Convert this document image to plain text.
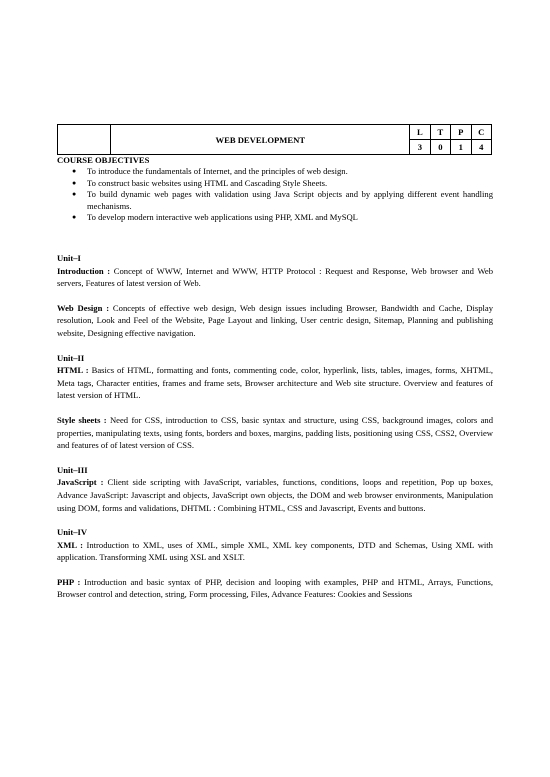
	WEB DEVELOPMENT	L	T	P	C
		3	0	1	4
COURSE OBJECTIVES
● To introduce the fundamentals of Internet, and the principles of web design.
● To construct basic websites using HTML and Cascading Style Sheets.
● To build dynamic web pages with validation using Java Script objects and by applying different event handling mechanisms.
● To develop modern interactive web applications using PHP, XML and MySQL
Unit–I

Introduction : Concept of WWW, Internet and WWW, HTTP Protocol : Request and Response, Web browser and Web servers, Features of latest version of Web.

Web Design : Concepts of effective web design, Web design issues including Browser, Bandwidth and Cache, Display resolution, Look and Feel of the Website, Page Layout and linking, User centric design, Sitemap, Planning and publishing website, Designing effective navigation.

Unit–II

HTML : Basics of HTML, formatting and fonts, commenting code, color, hyperlink, lists, tables, images, forms, XHTML, Meta tags, Character entities, frames and frame sets, Browser architecture and Web site structure. Overview and features of latest version of HTML.

Style sheets : Need for CSS, introduction to CSS, basic syntax and structure, using CSS, background images, colors and properties, manipulating texts, using fonts, borders and boxes, margins, padding lists, positioning using CSS, CSS2, Overview and features of of latest version of CSS.

Unit–III

JavaScript : Client side scripting with JavaScript, variables, functions, conditions, loops and repetition, Pop up boxes, Advance JavaScript: Javascript and objects, JavaScript own objects, the DOM and web browser environments, Manipulation using DOM, forms and validations, DHTML : Combining HTML, CSS and Javascript, Events and buttons.

Unit–IV

XML : Introduction to XML, uses of XML, simple XML, XML key components, DTD and Schemas, Using XML with application. Transforming XML using XSL and XSLT.

PHP : Introduction and basic syntax of PHP, decision and looping with examples, PHP and HTML, Arrays, Functions, Browser control and detection, string, Form processing, Files, Advance Features: Cookies and Sessions
